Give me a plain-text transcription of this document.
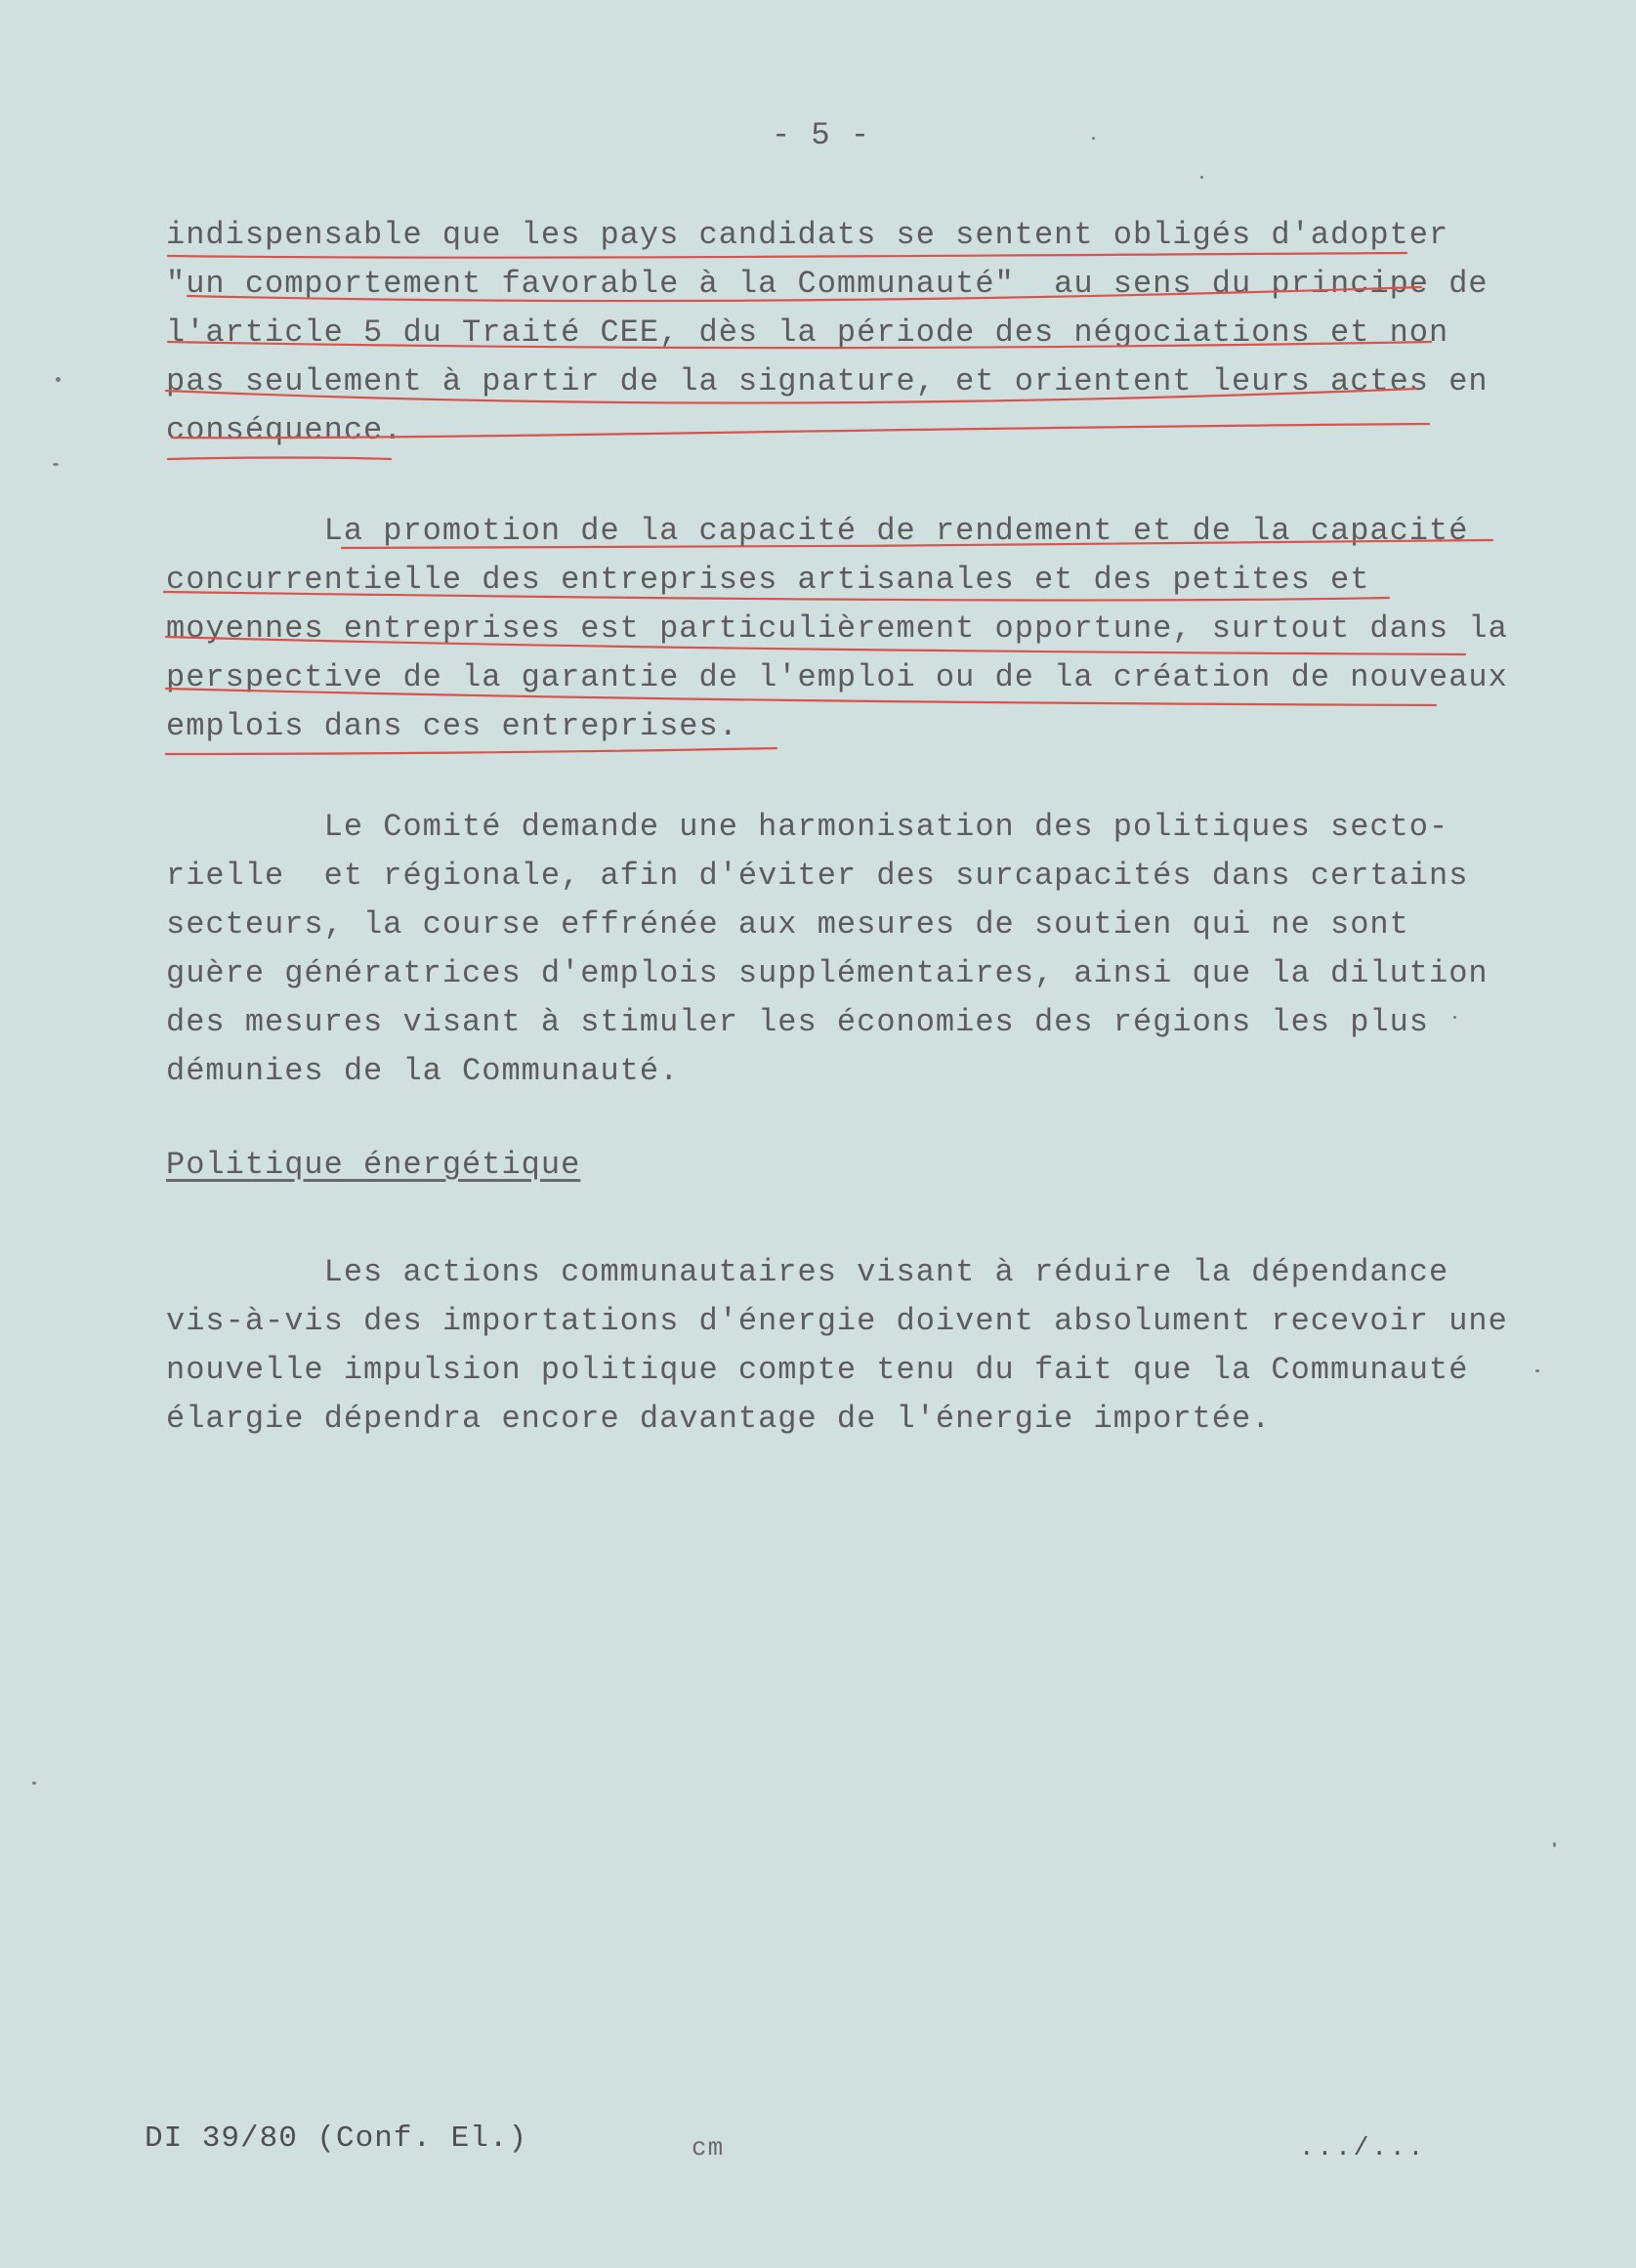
- 5 -
indispensable que les pays candidats se sentent obligés d'adopter
"un comportement favorable à la Communauté"  au sens du principe de
l'article 5 du Traité CEE, dès la période des négociations et non
pas seulement à partir de la signature, et orientent leurs actes en
conséquence.
La promotion de la capacité de rendement et de la capacité
concurrentielle des entreprises artisanales et des petites et
moyennes entreprises est particulièrement opportune, surtout dans la
perspective de la garantie de l'emploi ou de la création de nouveaux
emplois dans ces entreprises.
Le Comité demande une harmonisation des politiques secto-
rielle  et régionale, afin d'éviter des surcapacités dans certains
secteurs, la course effrénée aux mesures de soutien qui ne sont
guère génératrices d'emplois supplémentaires, ainsi que la dilution
des mesures visant à stimuler les économies des régions les plus
démunies de la Communauté.
Politique énergétique
Les actions communautaires visant à réduire la dépendance
vis-à-vis des importations d'énergie doivent absolument recevoir une
nouvelle impulsion politique compte tenu du fait que la Communauté
élargie dépendra encore davantage de l'énergie importée.
DI 39/80 (Conf. El.)	cm	.../...
